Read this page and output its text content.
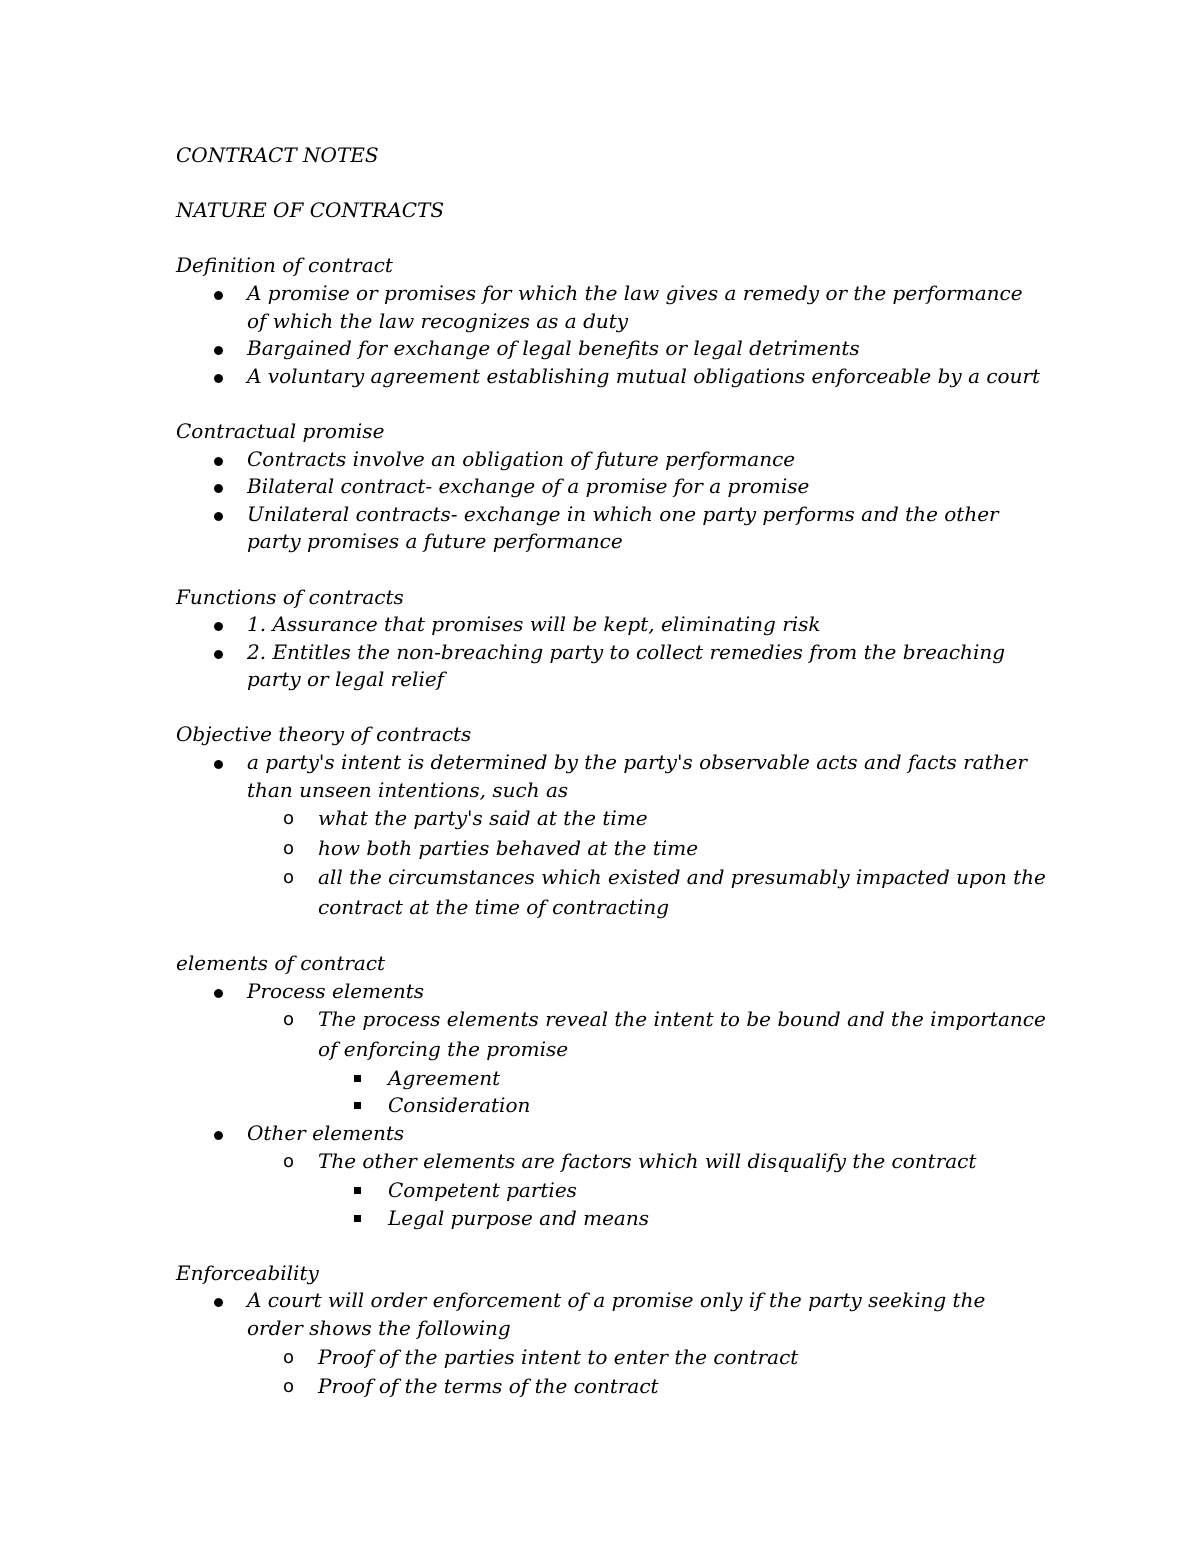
CONTRACT NOTES

NATURE OF CONTRACTS

Definition of contract

A promise or promises for which the law gives a remedy or the performance of which the law recognizes as a duty
Bargained for exchange of legal benefits or legal detriments
A voluntary agreement establishing mutual obligations enforceable by a court

Contractual promise

Contracts involve an obligation of future performance
Bilateral contract- exchange of a promise for a promise
Unilateral contracts- exchange in which one party performs and the other party promises a future performance

Functions of contracts

1. Assurance that promises will be kept, eliminating risk
2. Entitles the non-breaching party to collect remedies from the breaching party or legal relief

Objective theory of contracts

a party's intent is determined by the party's observable acts and facts rather than unseen intentions, such as
o what the party's said at the time
o how both parties behaved at the time
o all the circumstances which existed and presumably impacted upon the contract at the time of contracting

elements of contract

Process elements
o The process elements reveal the intent to be bound and the importance of enforcing the promise
Agreement
Consideration
Other elements
o The other elements are factors which will disqualify the contract
Competent parties
Legal purpose and means

Enforceability

A court will order enforcement of a promise only if the party seeking the order shows the following
o Proof of the parties intent to enter the contract
o Proof of the terms of the contract
